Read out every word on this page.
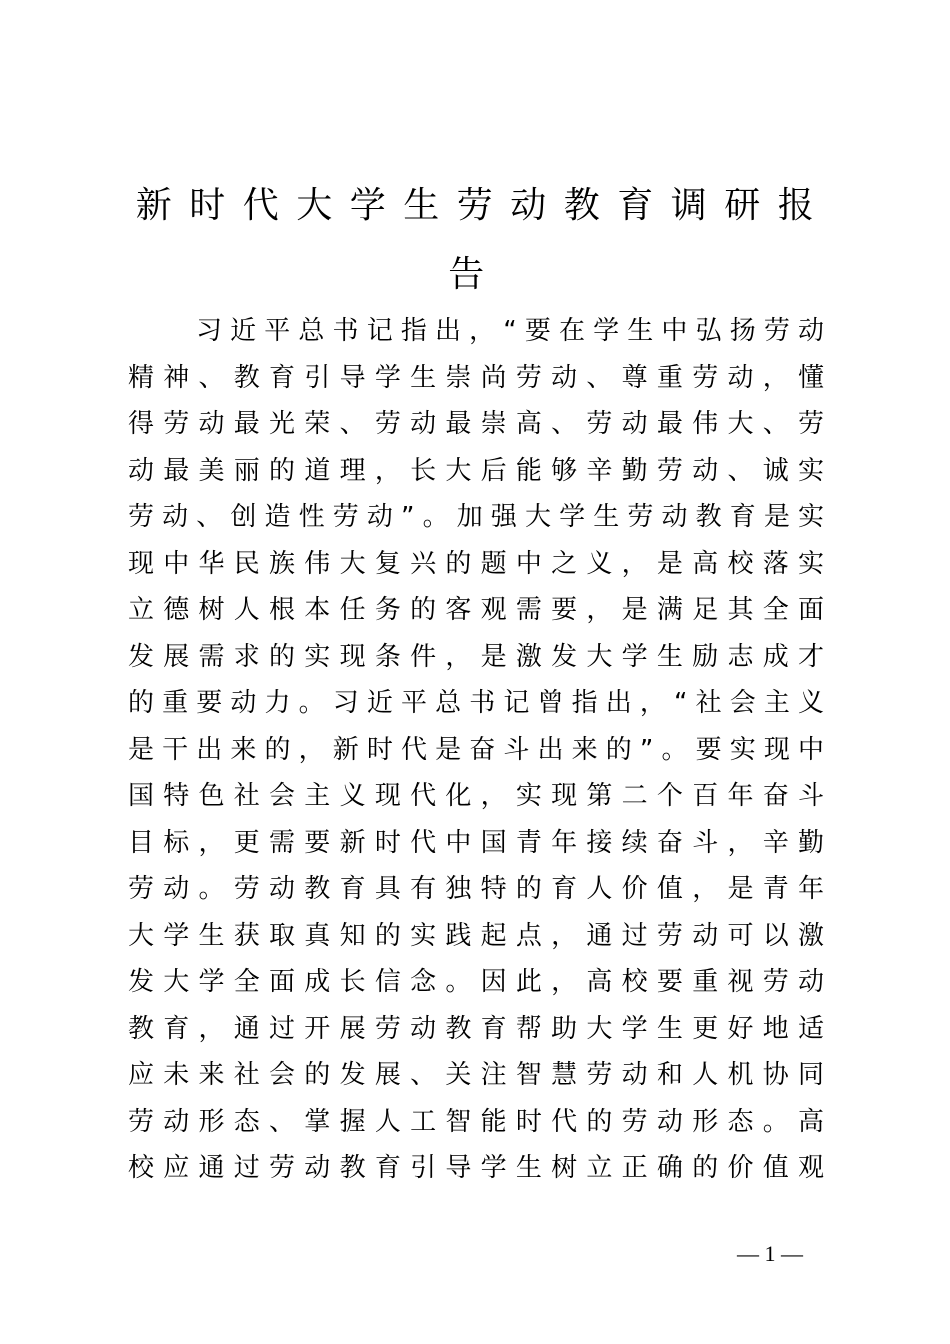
新时代大学生劳动教育调研报
告
习近平总书记指出，“要在学生中弘扬劳动
精神、教育引导学生崇尚劳动、尊重劳动，懂
得劳动最光荣、劳动最崇高、劳动最伟大、劳
动最美丽的道理，长大后能够辛勤劳动、诚实
劳动、创造性劳动”。加强大学生劳动教育是实
现中华民族伟大复兴的题中之义，是高校落实
立德树人根本任务的客观需要，是满足其全面
发展需求的实现条件，是激发大学生励志成才
的重要动力。习近平总书记曾指出，“社会主义
是干出来的，新时代是奋斗出来的”。要实现中
国特色社会主义现代化，实现第二个百年奋斗
目标，更需要新时代中国青年接续奋斗，辛勤
劳动。劳动教育具有独特的育人价值，是青年
大学生获取真知的实践起点，通过劳动可以激
发大学全面成长信念。因此，高校要重视劳动
教育，通过开展劳动教育帮助大学生更好地适
应未来社会的发展、关注智慧劳动和人机协同
劳动形态、掌握人工智能时代的劳动形态。高
校应通过劳动教育引导学生树立正确的价值观
— 1 —
